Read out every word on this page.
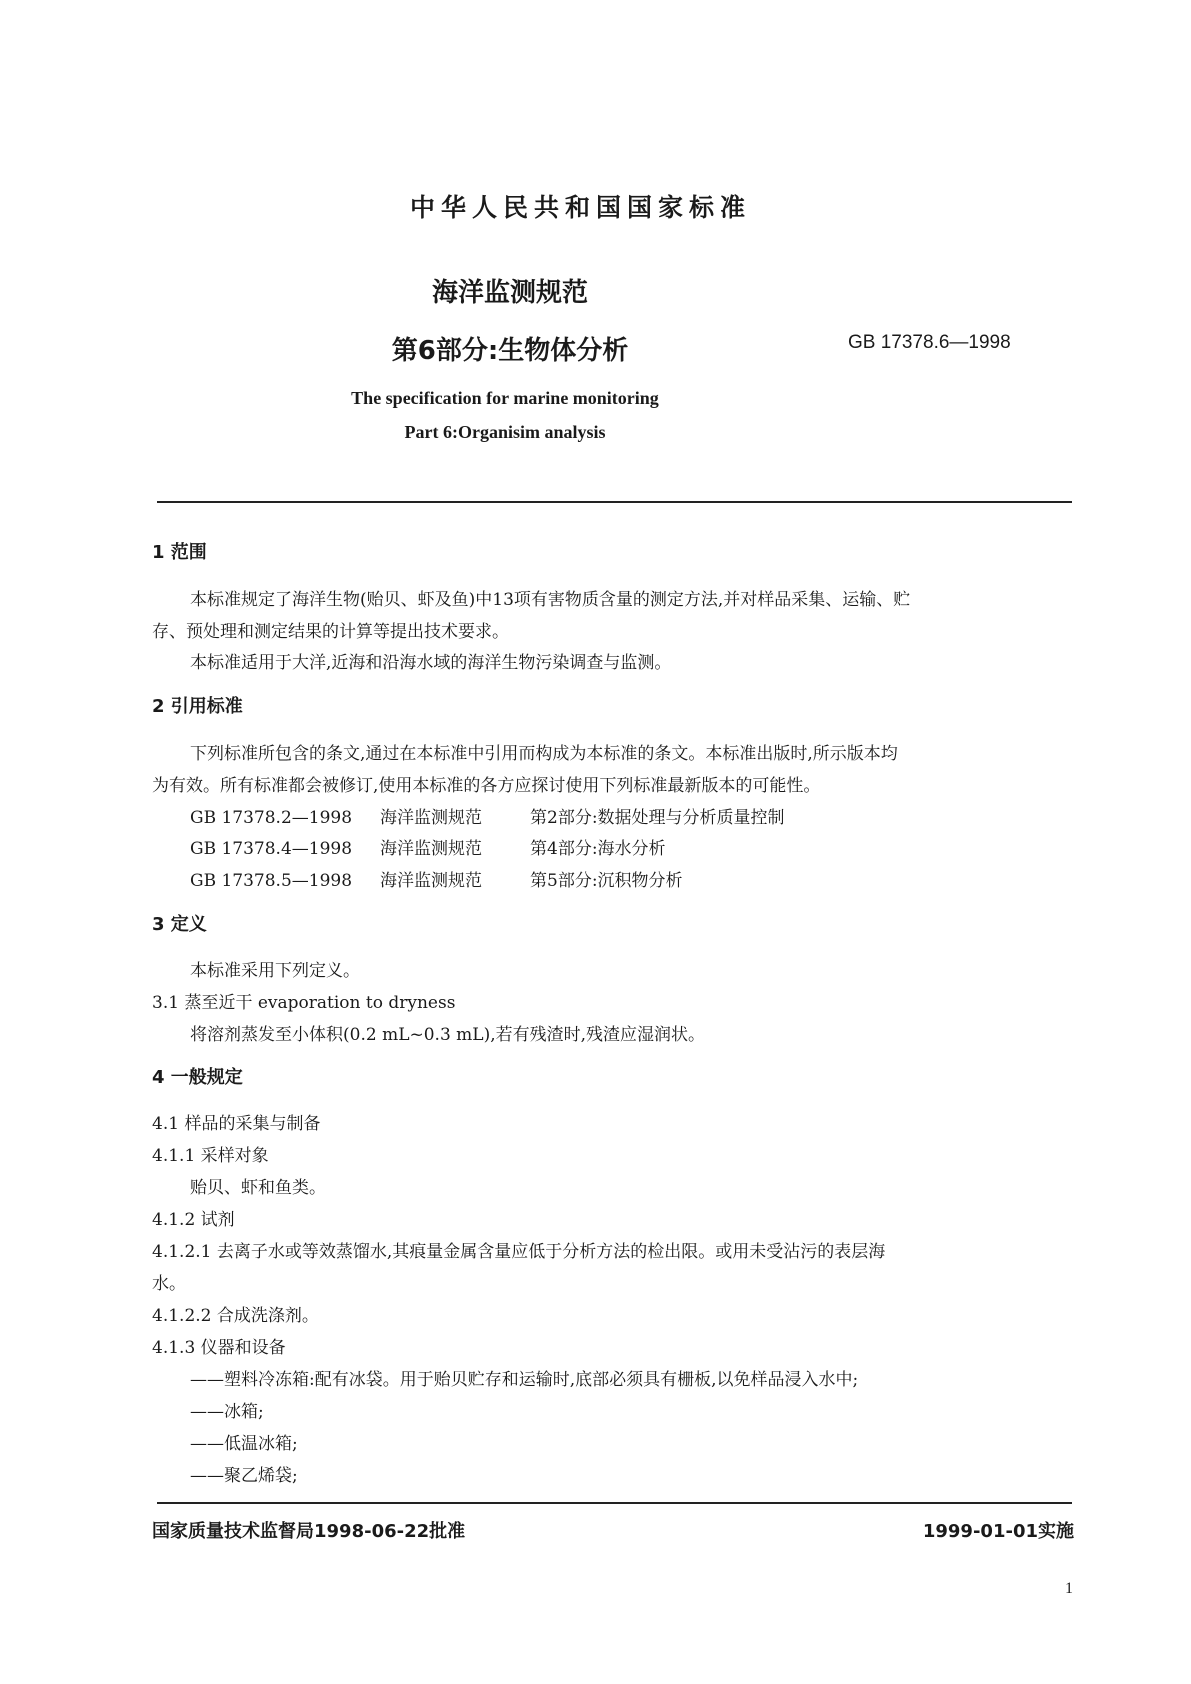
中华人民共和国国家标准
海洋监测规范
第6部分:生物体分析	GB 17378.6—1998
The specification for marine monitoring
Part 6:Organisim analysis
1 范围
本标准规定了海洋生物(贻贝、虾及鱼)中13项有害物质含量的测定方法,并对样品采集、运输、贮
存、预处理和测定结果的计算等提出技术要求。
本标准适用于大洋,近海和沿海水域的海洋生物污染调查与监测。
2 引用标准
下列标准所包含的条文,通过在本标准中引用而构成为本标准的条文。本标准出版时,所示版本均
为有效。所有标准都会被修订,使用本标准的各方应探讨使用下列标准最新版本的可能性。
GB 17378.2—1998 海洋监测规范	第2部分:数据处理与分析质量控制
GB 17378.4—1998 海洋监测规范	第4部分:海水分析
GB 17378.5—1998 海洋监测规范	第5部分:沉积物分析
3 定义
本标准采用下列定义。
3.1 蒸至近干 evaporation to dryness
将溶剂蒸发至小体积(0.2 mL~0.3 mL),若有残渣时,残渣应湿润状。
4 一般规定
4.1 样品的采集与制备
4.1.1 采样对象
贻贝、虾和鱼类。
4.1.2 试剂
4.1.2.1 去离子水或等效蒸馏水,其痕量金属含量应低于分析方法的检出限。或用未受沾污的表层海
水。
4.1.2.2 合成洗涤剂。
4.1.3 仪器和设备
——塑料冷冻箱:配有冰袋。用于贻贝贮存和运输时,底部必须具有栅板,以免样品浸入水中;
——冰箱;
——低温冰箱;
——聚乙烯袋;
国家质量技术监督局1998-06-22批准	1999-01-01实施
1
